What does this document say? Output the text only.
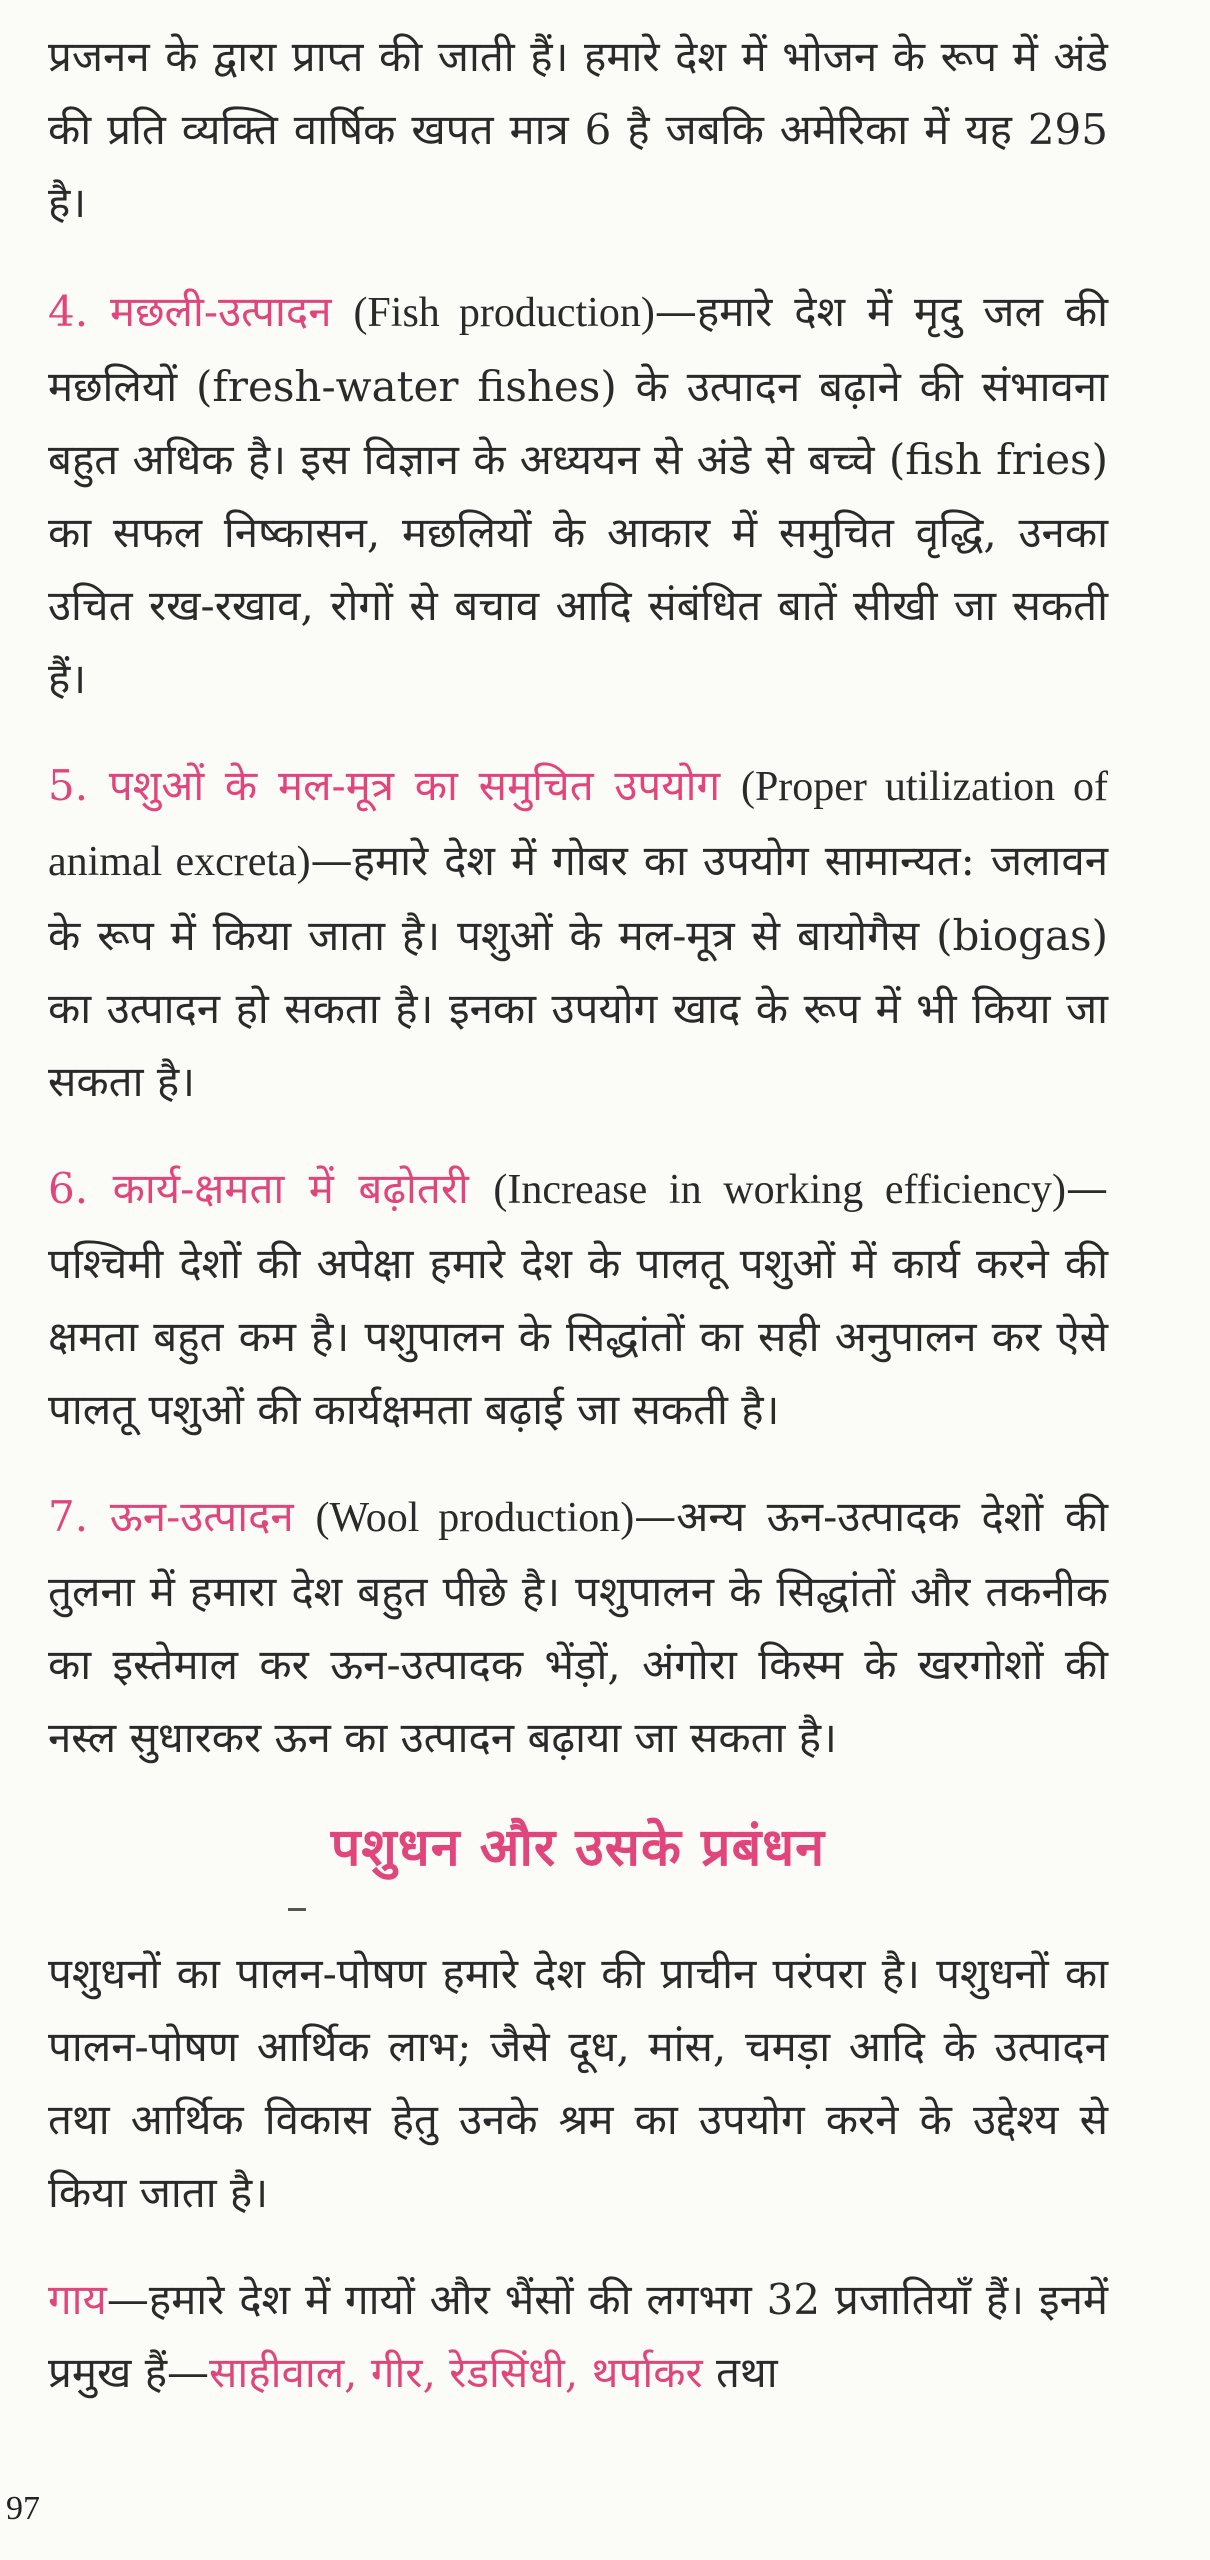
प्रजनन के द्वारा प्राप्त की जाती हैं। हमारे देश में भोजन के रूप में अंडे की प्रति व्यक्ति वार्षिक खपत मात्र 6 है जबकि अमेरिका में यह 295 है।

4. मछली-उत्पादन (Fish production)—हमारे देश में मृदु जल की मछलियों (fresh-water fishes) के उत्पादन बढ़ाने की संभावना बहुत अधिक है। इस विज्ञान के अध्ययन से अंडे से बच्चे (fish fries) का सफल निष्कासन, मछलियों के आकार में समुचित वृद्धि, उनका उचित रख-रखाव, रोगों से बचाव आदि संबंधित बातें सीखी जा सकती हैं।

5. पशुओं के मल-मूत्र का समुचित उपयोग (Proper utilization of animal excreta)—हमारे देश में गोबर का उपयोग सामान्यत: जलावन के रूप में किया जाता है। पशुओं के मल-मूत्र से बायोगैस (biogas) का उत्पादन हो सकता है। इनका उपयोग खाद के रूप में भी किया जा सकता है।

6. कार्य-क्षमता में बढ़ोतरी (Increase in working efficiency)—पश्चिमी देशों की अपेक्षा हमारे देश के पालतू पशुओं में कार्य करने की क्षमता बहुत कम है। पशुपालन के सिद्धांतों का सही अनुपालन कर ऐसे पालतू पशुओं की कार्यक्षमता बढ़ाई जा सकती है।

7. ऊन-उत्पादन (Wool production)—अन्य ऊन-उत्पादक देशों की तुलना में हमारा देश बहुत पीछे है। पशुपालन के सिद्धांतों और तकनीक का इस्तेमाल कर ऊन-उत्पादक भेंड़ों, अंगोरा किस्म के खरगोशों की नस्ल सुधारकर ऊन का उत्पादन बढ़ाया जा सकता है।

पशुधन और उसके प्रबंधन

पशुधनों का पालन-पोषण हमारे देश की प्राचीन परंपरा है। पशुधनों का पालन-पोषण आर्थिक लाभ; जैसे दूध, मांस, चमड़ा आदि के उत्पादन तथा आर्थिक विकास हेतु उनके श्रम का उपयोग करने के उद्देश्य से किया जाता है।

गाय—हमारे देश में गायों और भैंसों की लगभग 32 प्रजातियाँ हैं। इनमें प्रमुख हैं—साहीवाल, गीर, रेडसिंधी, थर्पाकर तथा

97
